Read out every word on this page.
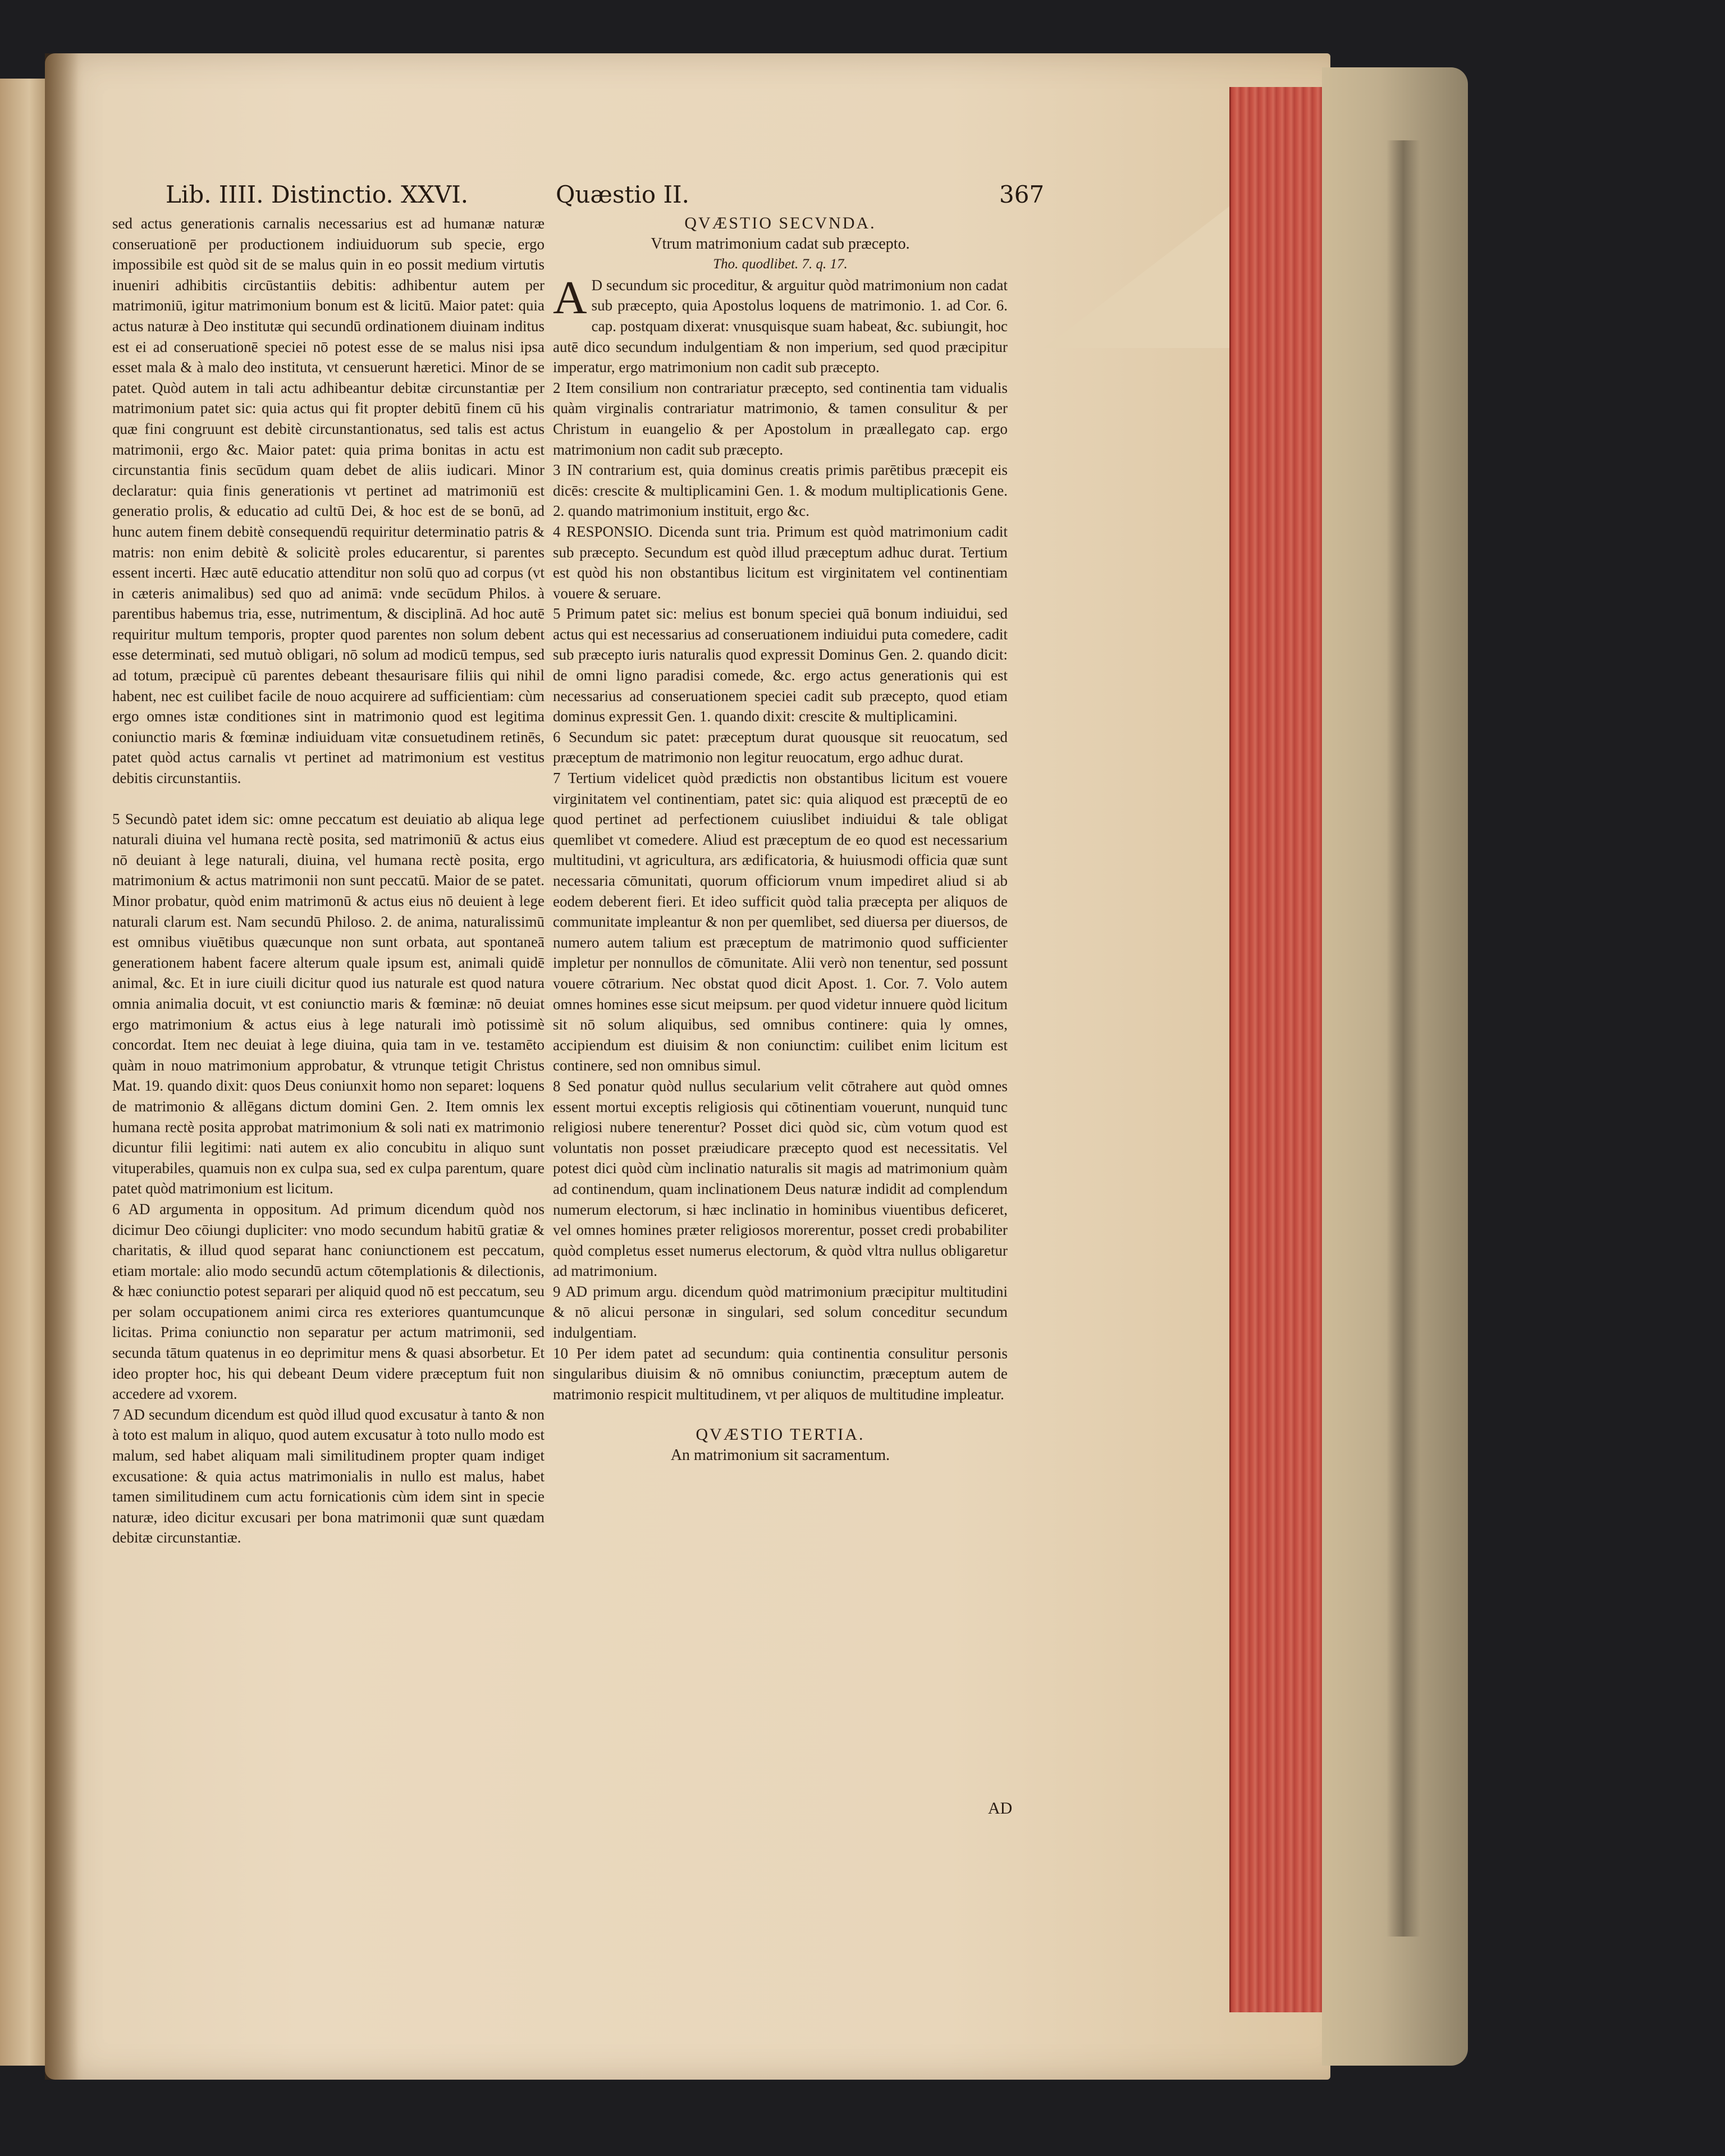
Lib. IIII. Distinctio. XXVI.	Quæstio II.	367

sed actus generationis carnalis necessarius est ad humanæ naturæ conseruationē per productionem indiuiduorum sub specie, ergo impossibile est quòd sit de se malus quin in eo possit medium virtutis inueniri adhibitis circūstantiis debitis: adhibentur autem per matrimoniū, igitur matrimonium bonum est & licitū. Maior patet: quia actus naturæ à Deo institutæ qui secundū ordinationem diuinam inditus est ei ad conseruationē speciei nō potest esse de se malus nisi ipsa esset mala & à malo deo instituta, vt censuerunt hæretici. Minor de se patet. Quòd autem in tali actu adhibeantur debitæ circunstantiæ per matrimonium patet sic: quia actus qui fit propter debitū finem cū his quæ fini congruunt est debitè circunstantionatus, sed talis est actus matrimonii, ergo &c. Maior patet: quia prima bonitas in actu est circunstantia finis secūdum quam debet de aliis iudicari. Minor declaratur: quia finis generationis vt pertinet ad matrimoniū est generatio prolis, & educatio ad cultū Dei, & hoc est de se bonū, ad hunc autem finem debitè consequendū requiritur determinatio patris & matris: non enim debitè & solicitè proles educarentur, si parentes essent incerti. Hæc autē educatio attenditur non solū quo ad corpus (vt in cæteris animalibus) sed quo ad animā: vnde secūdum Philos. à parentibus habemus tria, esse, nutrimentum, & disciplinā. Ad hoc autē requiritur multum temporis, propter quod parentes non solum debent esse determinati, sed mutuò obligari, nō solum ad modicū tempus, sed ad totum, præcipuè cū parentes debeant thesaurisare filiis qui nihil habent, nec est cuilibet facile de nouo acquirere ad sufficientiam: cùm ergo omnes istæ conditiones sint in matrimonio quod est legitima coniunctio maris & fœminæ indiuiduam vitæ consuetudinem retinēs, patet quòd actus carnalis vt pertinet ad matrimonium est vestitus debitis circunstantiis.

5 Secundò patet idem sic: omne peccatum est deuiatio ab aliqua lege naturali diuina vel humana rectè posita, sed matrimoniū & actus eius nō deuiant à lege naturali, diuina, vel humana rectè posita, ergo matrimonium & actus matrimonii non sunt peccatū. Maior de se patet. Minor probatur, quòd enim matrimonū & actus eius nō deuient à lege naturali clarum est. Nam secundū Philoso. 2. de anima, naturalissimū est omnibus viuētibus quæcunque non sunt orbata, aut spontaneā generationem habent facere alterum quale ipsum est, animali quidē animal, &c. Et in iure ciuili dicitur quod ius naturale est quod natura omnia animalia docuit, vt est coniunctio maris & fœminæ: nō deuiat ergo matrimonium & actus eius à lege naturali imò potissimè concordat. Item nec deuiat à lege diuina, quia tam in ve. testamēto quàm in nouo matrimonium approbatur, & vtrunque tetigit Christus Mat. 19. quando dixit: quos Deus coniunxit homo non separet: loquens de matrimonio & allēgans dictum domini Gen. 2. Item omnis lex humana rectè posita approbat matrimonium & soli nati ex matrimonio dicuntur filii legitimi: nati autem ex alio concubitu in aliquo sunt vituperabiles, quamuis non ex culpa sua, sed ex culpa parentum, quare patet quòd matrimonium est licitum.

6 AD argumenta in oppositum. Ad primum dicendum quòd nos dicimur Deo cōiungi dupliciter: vno modo secundum habitū gratiæ & charitatis, & illud quod separat hanc coniunctionem est peccatum, etiam mortale: alio modo secundū actum cōtemplationis & dilectionis, & hæc coniunctio potest separari per aliquid quod nō est peccatum, seu per solam occupationem animi circa res exteriores quantumcunque licitas. Prima coniunctio non separatur per actum matrimonii, sed secunda tātum quatenus in eo deprimitur mens & quasi absorbetur. Et ideo propter hoc, his qui debeant Deum videre præceptum fuit non accedere ad vxorem.

7 AD secundum dicendum est quòd illud quod excusatur à tanto & non à toto est malum in aliquo, quod autem excusatur à toto nullo modo est malum, sed habet aliquam mali similitudinem propter quam indiget excusatione: & quia actus matrimonialis in nullo est malus, habet tamen similitudinem cum actu fornicationis cùm idem sint in specie naturæ, ideo dicitur excusari per bona matrimonii quæ sunt quædam debitæ circunstantiæ.

QVÆSTIO SECVNDA.

Vtrum matrimonium cadat sub præcepto.

Tho. quodlibet. 7. q. 17.

A D secundum sic proceditur, & arguitur quòd matrimonium non cadat sub præcepto, quia Apostolus loquens de matrimonio. 1. ad Cor. 6. cap. postquam dixerat: vnusquisque suam habeat, &c. subiungit, hoc autē dico secundum indulgentiam & non imperium, sed quod præcipitur imperatur, ergo matrimonium non cadit sub præcepto.

2 Item consilium non contrariatur præcepto, sed continentia tam vidualis quàm virginalis contrariatur matrimonio, & tamen consulitur & per Christum in euangelio & per Apostolum in præallegato cap. ergo matrimonium non cadit sub præcepto.

3 IN contrarium est, quia dominus creatis primis parētibus præcepit eis dicēs: crescite & multiplicamini Gen. 1. & modum multiplicationis Gene. 2. quando matrimonium instituit, ergo &c.

4 RESPONSIO. Dicenda sunt tria. Primum est quòd matrimonium cadit sub præcepto. Secundum est quòd illud præceptum adhuc durat. Tertium est quòd his non obstantibus licitum est virginitatem vel continentiam vouere & seruare.

5 Primum patet sic: melius est bonum speciei quā bonum indiuidui, sed actus qui est necessarius ad conseruationem indiuidui puta comedere, cadit sub præcepto iuris naturalis quod expressit Dominus Gen. 2. quando dicit: de omni ligno paradisi comede, &c. ergo actus generationis qui est necessarius ad conseruationem speciei cadit sub præcepto, quod etiam dominus expressit Gen. 1. quando dixit: crescite & multiplicamini.

6 Secundum sic patet: præceptum durat quousque sit reuocatum, sed præceptum de matrimonio non legitur reuocatum, ergo adhuc durat.

7 Tertium videlicet quòd prædictis non obstantibus licitum est vouere virginitatem vel continentiam, patet sic: quia aliquod est præceptū de eo quod pertinet ad perfectionem cuiuslibet indiuidui & tale obligat quemlibet vt comedere. Aliud est præceptum de eo quod est necessarium multitudini, vt agricultura, ars ædificatoria, & huiusmodi officia quæ sunt necessaria cōmunitati, quorum officiorum vnum impediret aliud si ab eodem deberent fieri. Et ideo sufficit quòd talia præcepta per aliquos de communitate impleantur & non per quemlibet, sed diuersa per diuersos, de numero autem talium est præceptum de matrimonio quod sufficienter impletur per nonnullos de cōmunitate. Alii verò non tenentur, sed possunt vouere cōtrarium. Nec obstat quod dicit Apost. 1. Cor. 7. Volo autem omnes homines esse sicut meipsum. per quod videtur innuere quòd licitum sit nō solum aliquibus, sed omnibus continere: quia ly omnes, accipiendum est diuisim & non coniunctim: cuilibet enim licitum est continere, sed non omnibus simul.

8 Sed ponatur quòd nullus secularium velit cōtrahere aut quòd omnes essent mortui exceptis religiosis qui cōtinentiam vouerunt, nunquid tunc religiosi nubere tenerentur? Posset dici quòd sic, cùm votum quod est voluntatis non posset præiudicare præcepto quod est necessitatis. Vel potest dici quòd cùm inclinatio naturalis sit magis ad matrimonium quàm ad continendum, quam inclinationem Deus naturæ indidit ad complendum numerum electorum, si hæc inclinatio in hominibus viuentibus deficeret, vel omnes homines præter religiosos morerentur, posset credi probabiliter quòd completus esset numerus electorum, & quòd vltra nullus obligaretur ad matrimonium.

9 AD primum argu. dicendum quòd matrimonium præcipitur multitudini & nō alicui personæ in singulari, sed solum conceditur secundum indulgentiam.

10 Per idem patet ad secundum: quia continentia consulitur personis singularibus diuisim & nō omnibus coniunctim, præceptum autem de matrimonio respicit multitudinem, vt per aliquos de multitudine impleatur.

QVÆSTIO TERTIA.

An matrimonium sit sacramentum.

AD
